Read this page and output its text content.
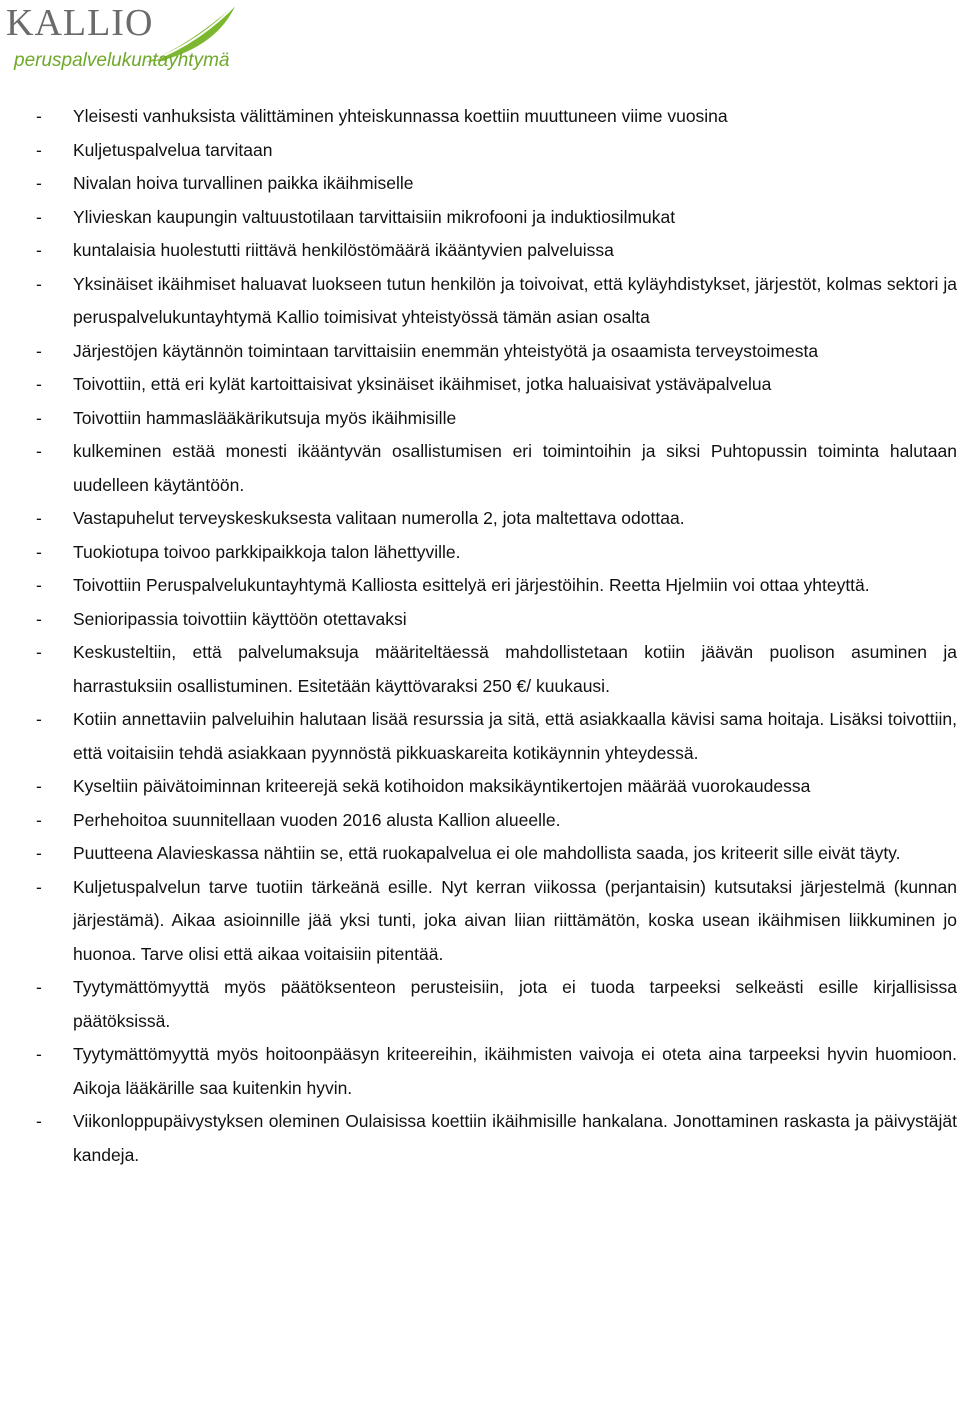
KALLIO
peruspalvelukuntayhtymä
-	Yleisesti vanhuksista välittäminen yhteiskunnassa koettiin muuttuneen viime vuosina
-	Kuljetuspalvelua tarvitaan
-	Nivalan hoiva turvallinen paikka ikäihmiselle
-	Ylivieskan kaupungin valtuustotilaan tarvittaisiin mikrofooni ja induktiosilmukat
-	kuntalaisia huolestutti riittävä henkilöstömäärä ikääntyvien palveluissa
-	Yksinäiset ikäihmiset haluavat luokseen tutun henkilön ja toivoivat, että kyläyhdistykset, järjestöt, kolmas sektori ja peruspalvelukuntayhtymä Kallio toimisivat yhteistyössä tämän asian osalta
-	Järjestöjen käytännön toimintaan tarvittaisiin enemmän yhteistyötä ja osaamista terveystoimesta
-	Toivottiin, että eri kylät kartoittaisivat yksinäiset ikäihmiset, jotka haluaisivat ystäväpalvelua
-	Toivottiin hammaslääkärikutsuja myös ikäihmisille
-	kulkeminen estää monesti ikääntyvän osallistumisen eri toimintoihin ja siksi Puhtopussin toiminta halutaan uudelleen käytäntöön.
-	Vastapuhelut terveyskeskuksesta valitaan numerolla 2, jota maltettava odottaa.
-	Tuokiotupa toivoo parkkipaikkoja talon lähettyville.
-	Toivottiin Peruspalvelukuntayhtymä Kalliosta esittelyä eri järjestöihin. Reetta Hjelmiin voi ottaa yhteyttä.
-	Senioripassia toivottiin käyttöön otettavaksi
-	Keskusteltiin, että palvelumaksuja määriteltäessä mahdollistetaan kotiin jäävän puolison asuminen ja harrastuksiin osallistuminen. Esitetään käyttövaraksi 250 €/ kuukausi.
-	Kotiin annettaviin palveluihin halutaan lisää resurssia ja sitä, että asiakkaalla kävisi sama hoitaja. Lisäksi toivottiin, että voitaisiin tehdä asiakkaan pyynnöstä pikkuaskareita kotikäynnin yhteydessä.
-	Kyseltiin päivätoiminnan kriteerejä sekä kotihoidon maksikäyntikertojen määrää vuorokaudessa
-	Perhehoitoa suunnitellaan vuoden 2016 alusta Kallion alueelle.
-	Puutteena Alavieskassa nähtiin se, että ruokapalvelua ei ole mahdollista saada, jos kriteerit sille eivät täyty.
-	Kuljetuspalvelun tarve tuotiin tärkeänä esille. Nyt kerran viikossa (perjantaisin) kutsutaksi järjestelmä (kunnan järjestämä). Aikaa asioinnille jää yksi tunti, joka aivan liian riittämätön, koska usean ikäihmisen liikkuminen jo huonoa. Tarve olisi että aikaa voitaisiin pitentää.
-	Tyytymättömyyttä myös päätöksenteon perusteisiin, jota ei tuoda tarpeeksi selkeästi esille kirjallisissa päätöksissä.
-	Tyytymättömyyttä myös hoitoonpääsyn kriteereihin, ikäihmisten vaivoja ei oteta aina tarpeeksi hyvin huomioon. Aikoja lääkärille saa kuitenkin hyvin.
-	Viikonloppupäivystyksen oleminen Oulaisissa koettiin ikäihmisille hankalana. Jonottaminen raskasta ja päivystäjät kandeja.
